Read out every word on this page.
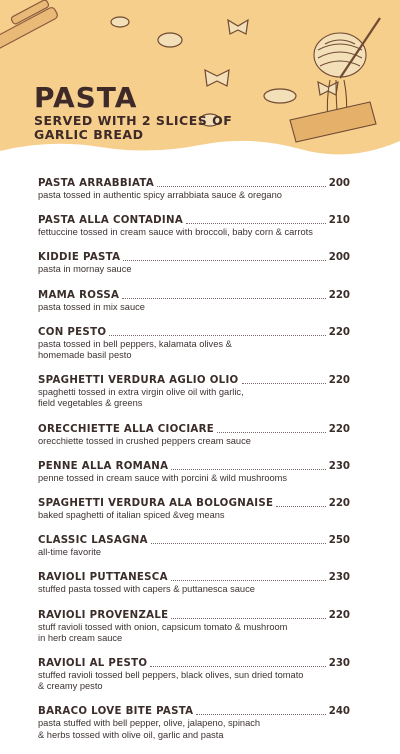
PASTA

SERVED WITH 2 SLICES OF GARLIC BREAD

PASTA ARRABBIATA	200

pasta tossed in authentic spicy arrabbiata sauce & oregano

PASTA ALLA CONTADINA	210

fettuccine tossed in cream sauce with broccoli, baby corn & carrots

KIDDIE PASTA	200

pasta in mornay sauce

MAMA ROSSA	220

pasta tossed in mix sauce

CON PESTO	220

pasta tossed in bell peppers, kalamata olives &
homemade basil pesto

SPAGHETTI VERDURA AGLIO OLIO	220

spaghetti tossed in extra virgin olive oil with garlic,
field vegetables & greens

ORECCHIETTE ALLA CIOCIARE	220

orecchiette tossed in crushed peppers cream sauce

PENNE ALLA ROMANA	230

penne tossed in cream sauce with porcini & wild mushrooms

SPAGHETTI VERDURA ALA BOLOGNAISE	220

baked spaghetti of italian spiced &veg means

CLASSIC LASAGNA	250

all-time favorite

RAVIOLI PUTTANESCA	230

stuffed pasta tossed with capers & puttanesca sauce

RAVIOLI PROVENZALE	220

stuff ravioli tossed with onion, capsicum tomato & mushroom
in herb cream sauce

RAVIOLI AL PESTO	230

stuffed ravioli tossed bell peppers, black olives, sun dried tomato
& creamy pesto

BARACO LOVE BITE PASTA	240

pasta stuffed with bell pepper, olive, jalapeno, spinach
& herbs tossed with olive oil, garlic and pasta
